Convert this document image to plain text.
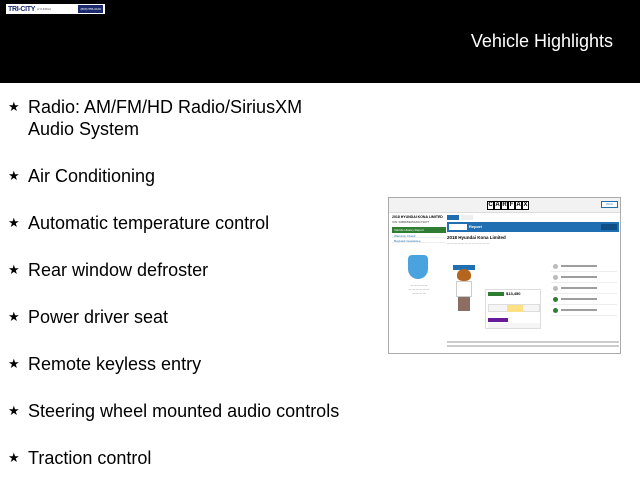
TRI-CITY HYUNDAI	(800) 555-0100
Vehicle Highlights
★ Radio: AM/FM/HD Radio/SiriusXM
Audio System
★ Air Conditioning
★ Automatic temperature control
★ Rear window defroster
★ Power driver seat
★ Remote keyless entry
★ Steering wheel mounted audio controls
★ Traction control
C A R F A X	Print
2018 HYUNDAI KONA LIMITED
VIN: KM8K53A54JU171077
Vehicle History Report
Warranty Check
Buyback Guarantee
— — — — —
— — — — — —
— — — —
Report
2018 Hyundai Kona Limited
— — — — — — — — — — — —
$13,450
